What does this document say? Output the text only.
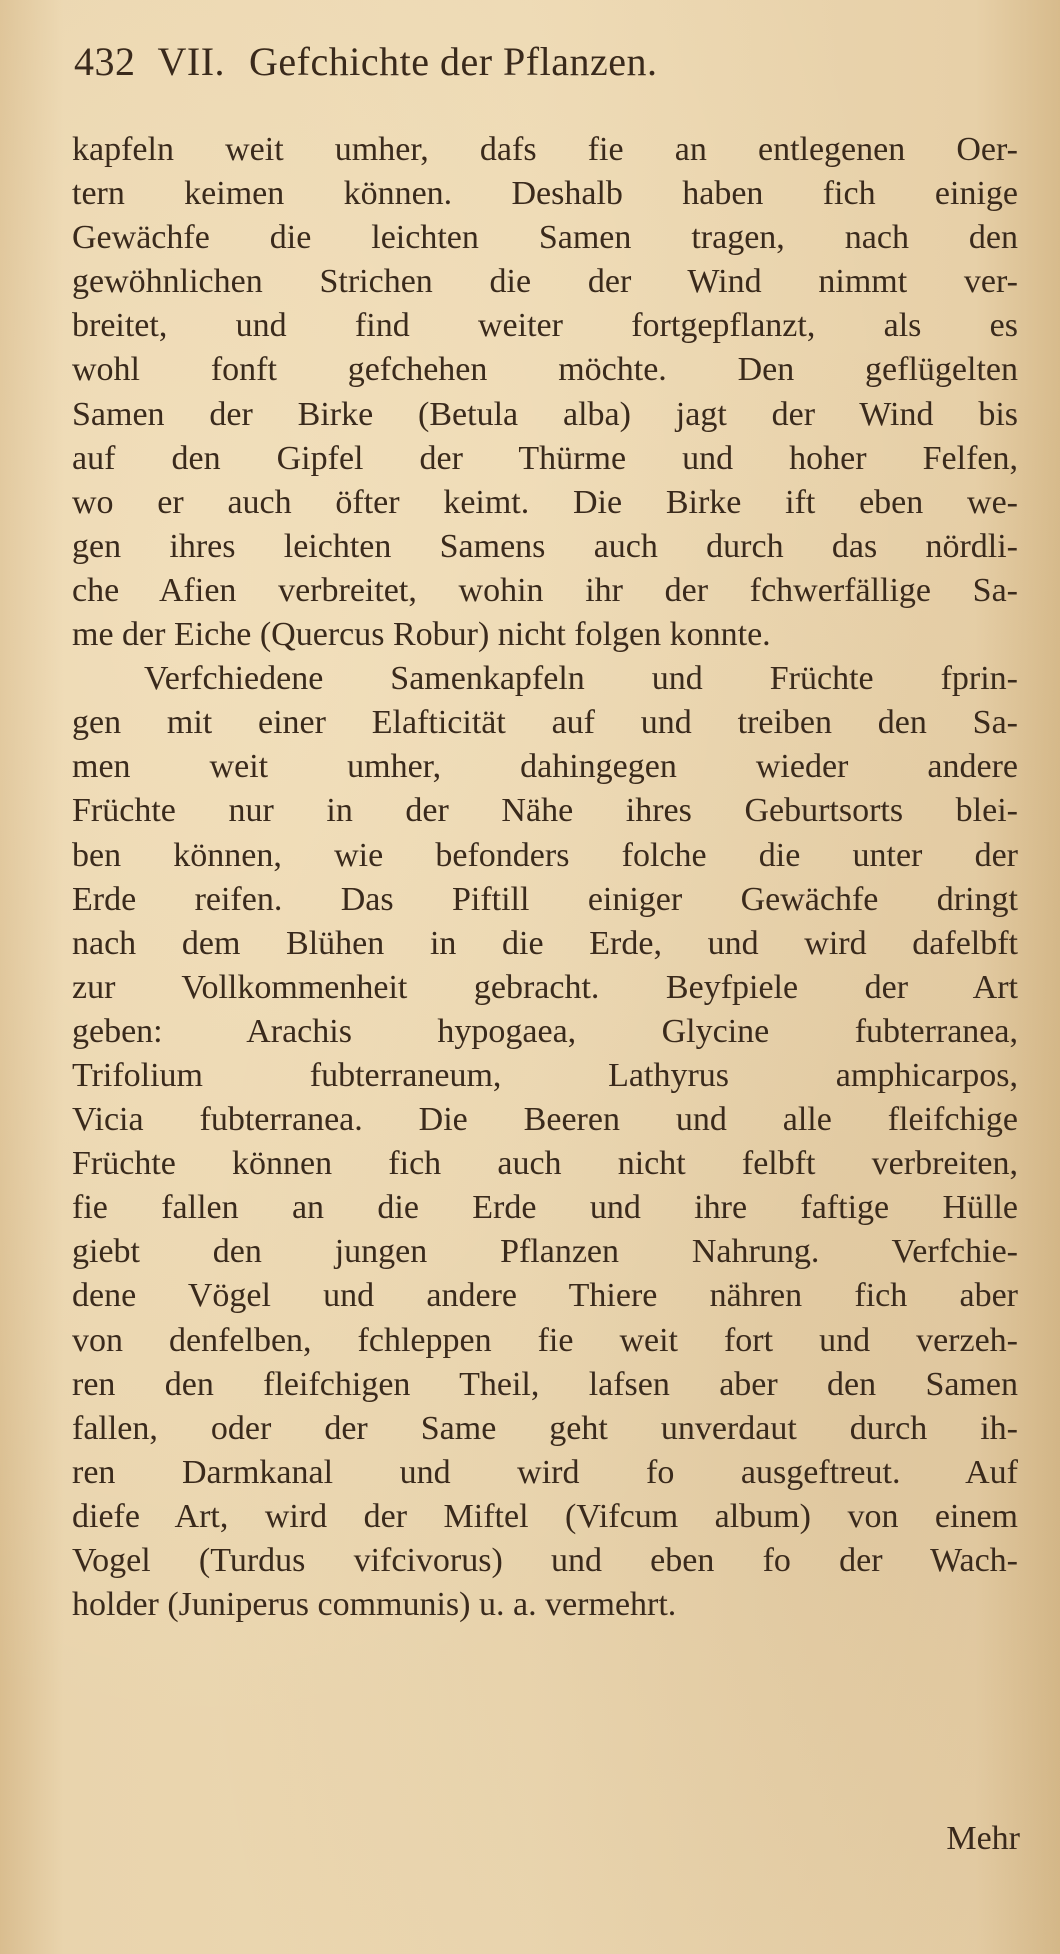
432 VII. Gefchichte der Pflanzen.
kapfeln weit umher, dafs fie an entlegenen Oer-
tern keimen können. Deshalb haben fich einige
Gewächfe die leichten Samen tragen, nach den
gewöhnlichen Strichen die der Wind nimmt ver-
breitet, und find weiter fortgepflanzt, als es
wohl fonft gefchehen möchte. Den geflügelten
Samen der Birke (Betula alba) jagt der Wind bis
auf den Gipfel der Thürme und hoher Felfen,
wo er auch öfter keimt. Die Birke ift eben we-
gen ihres leichten Samens auch durch das nördli-
che Afien verbreitet, wohin ihr der fchwerfällige Sa-
me der Eiche (Quercus Robur) nicht folgen konnte.
Verfchiedene Samenkapfeln und Früchte fprin-
gen mit einer Elafticität auf und treiben den Sa-
men weit umher, dahingegen wieder andere
Früchte nur in der Nähe ihres Geburtsorts blei-
ben können, wie befonders folche die unter der
Erde reifen. Das Piftill einiger Gewächfe dringt
nach dem Blühen in die Erde, und wird dafelbft
zur Vollkommenheit gebracht. Beyfpiele der Art
geben: Arachis hypogaea, Glycine fubterranea,
Trifolium fubterraneum, Lathyrus amphicarpos,
Vicia fubterranea. Die Beeren und alle fleifchige
Früchte können fich auch nicht felbft verbreiten,
fie fallen an die Erde und ihre faftige Hülle
giebt den jungen Pflanzen Nahrung. Verfchie-
dene Vögel und andere Thiere nähren fich aber
von denfelben, fchleppen fie weit fort und verzeh-
ren den fleifchigen Theil, lafsen aber den Samen
fallen, oder der Same geht unverdaut durch ih-
ren Darmkanal und wird fo ausgeftreut. Auf
diefe Art, wird der Miftel (Vifcum album) von einem
Vogel (Turdus vifcivorus) und eben fo der Wach-
holder (Juniperus communis) u. a. vermehrt.
Mehr
